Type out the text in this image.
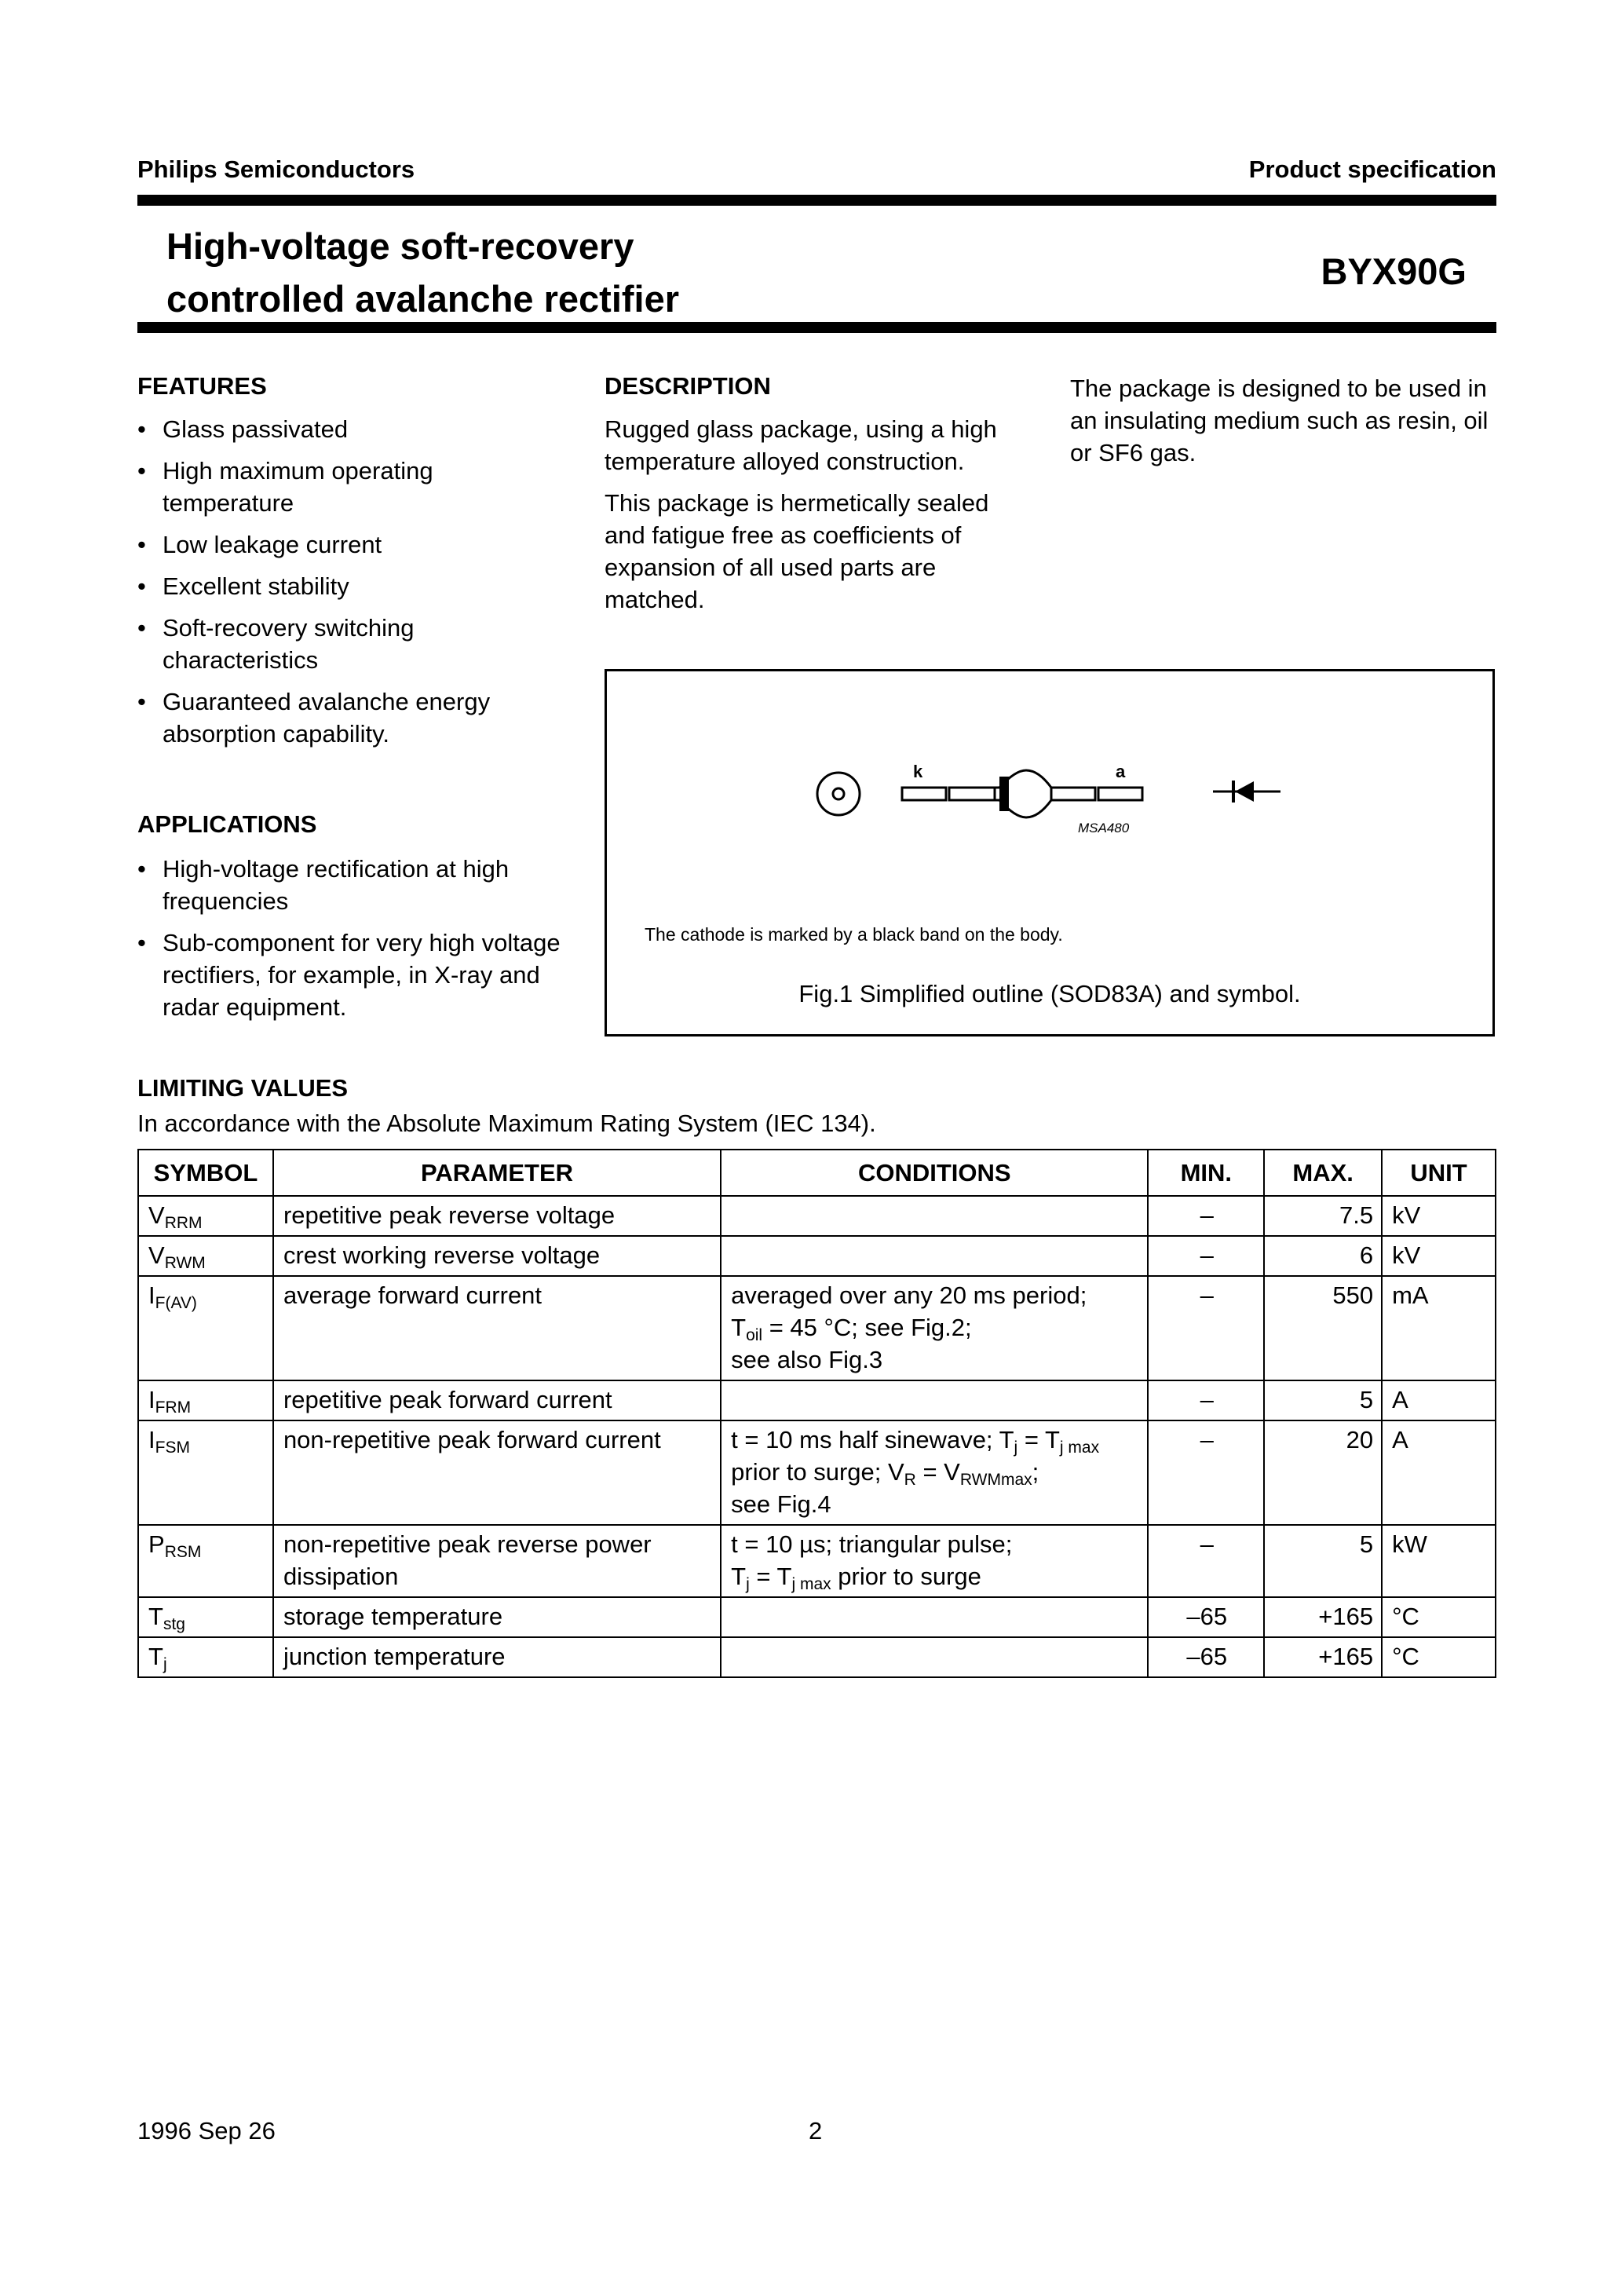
Philips Semiconductors	Product specification
High-voltage soft-recovery
controlled avalanche rectifier
BYX90G
FEATURES
• Glass passivated
• High maximum operating temperature
• Low leakage current
• Excellent stability
• Soft-recovery switching characteristics
• Guaranteed avalanche energy absorption capability.
APPLICATIONS
• High-voltage rectification at high frequencies
• Sub-component for very high voltage rectifiers, for example, in X-ray and radar equipment.
DESCRIPTION
Rugged glass package, using a high temperature alloyed construction.
This package is hermetically sealed and fatigue free as coefficients of expansion of all used parts are matched.
The package is designed to be used in an insulating medium such as resin, oil or SF6 gas.
k	a
MSA480
The cathode is marked by a black band on the body.
Fig.1 Simplified outline (SOD83A) and symbol.
LIMITING VALUES
In accordance with the Absolute Maximum Rating System (IEC 134).
SYMBOL	PARAMETER	CONDITIONS	MIN.	MAX.	UNIT
$V_{RRM}$	repetitive peak reverse voltage		–	7.5	kV
$V_{RWM}$	crest working reverse voltage		–	6	kV
$I_{F(AV)}$	average forward current	averaged over any 20 ms period;
$T_{oil} = 45$ °C; see Fig.2;
see also Fig.3	–	550	mA
$I_{FRM}$	repetitive peak forward current		–	5	A
$I_{FSM}$	non-repetitive peak forward current	t = 10 ms half sinewave; $T_j = T_{j max}$
prior to surge; $V_R = V_{RWMmax}$;
see Fig.4	–	20	A
$P_{RSM}$	non-repetitive peak reverse power dissipation	t = 10 µs; triangular pulse;
$T_j = T_{j max}$ prior to surge	–	5	kW
$T_{stg}$	storage temperature		–65	+165	°C
$T_j$	junction temperature		–65	+165	°C
1996 Sep 26	2
